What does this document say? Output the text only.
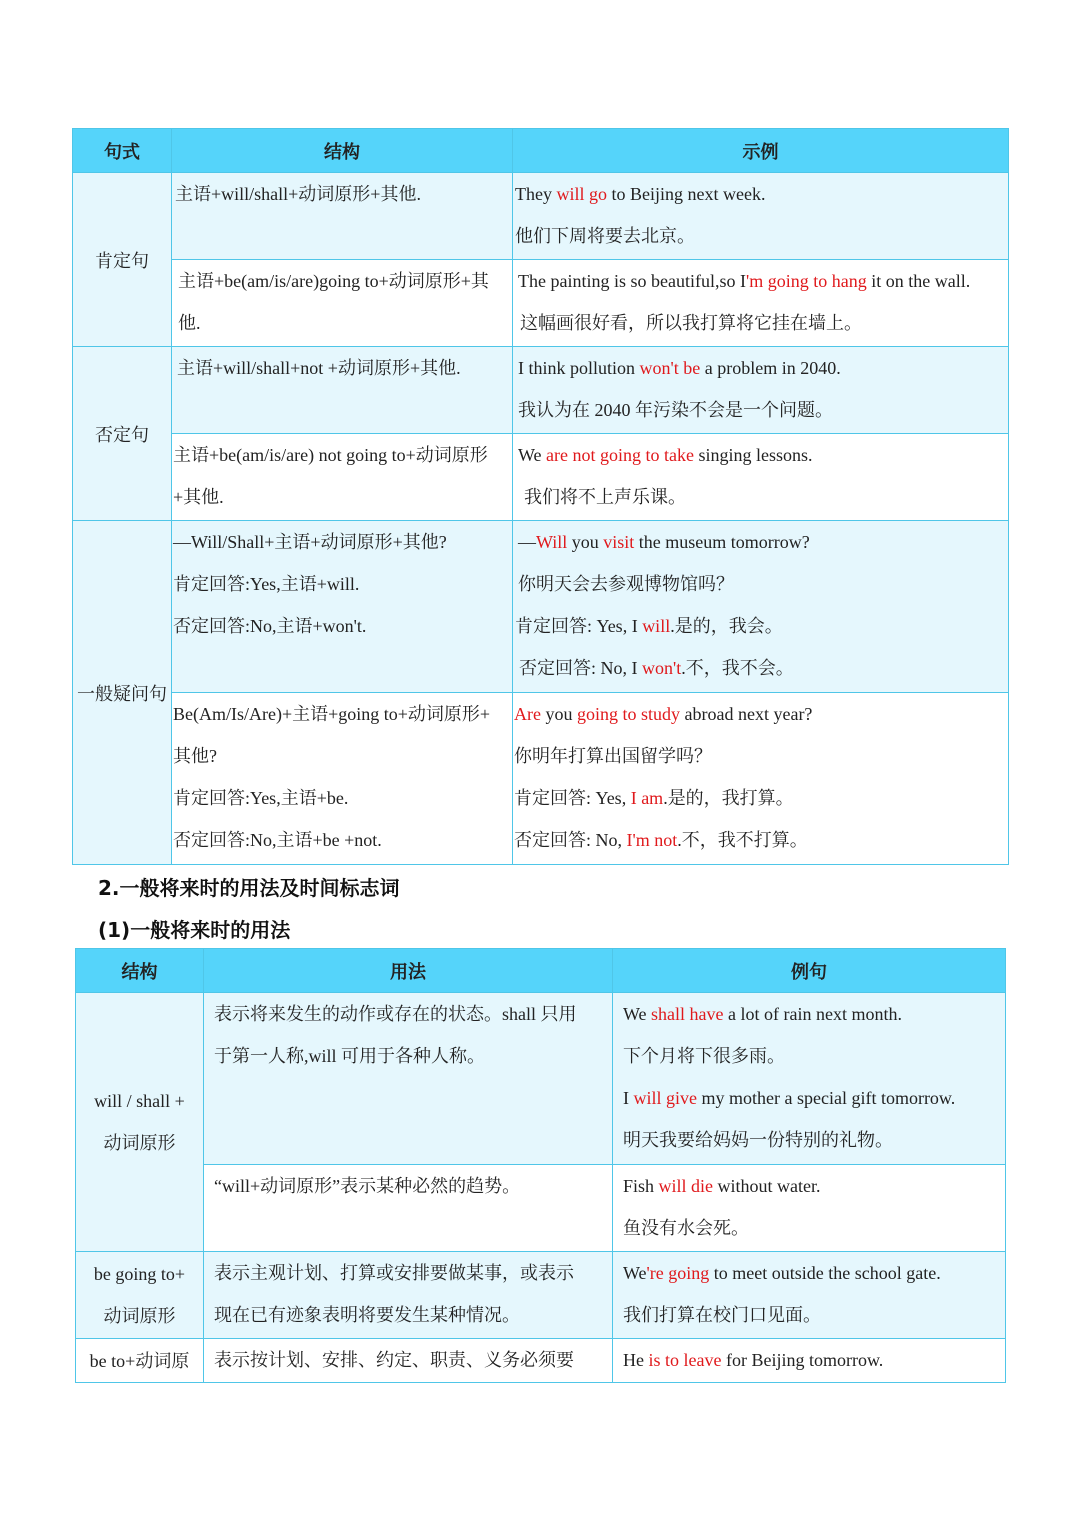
句式	结构	示例
肯定句	主语+will/shall+动词原形+其他.	They will go to Beijing next week.
他们下周将要去北京。

	主语+be(am/is/are)going to+动词原形+其
他.	The painting is so beautiful,so I'm going to hang it on the wall.
这幅画很好看，所以我打算将它挂在墙上。

否定句	主语+will/shall+not +动词原形+其他.	I think pollution won't be a problem in 2040.
我认为在 2040 年污染不会是一个问题。

	主语+be(am/is/are) not going to+动词原形
+其他.	We are not going to take singing lessons.
我们将不上声乐课。

一般疑问句	—Will/Shall+主语+动词原形+其他?
肯定回答:Yes,主语+will.
否定回答:No,主语+won't.	—Will you visit the museum tomorrow?
你明天会去参观博物馆吗？
肯定回答: Yes, I will.是的，我会。
否定回答: No, I won't.不，我不会。

	Be(Am/Is/Are)+主语+going to+动词原形+
其他?
肯定回答:Yes,主语+be.
否定回答:No,主语+be +not.	Are you going to study abroad next year?
你明年打算出国留学吗？
肯定回答: Yes, I am.是的，我打算。
否定回答: No, I'm not.不，我不打算。
2.一般将来时的用法及时间标志词
(1)一般将来时的用法
结构	用法	例句

will / shall +
动词原形	表示将来发生的动作或存在的状态。shall 只用
于第一人称,will 可用于各种人称。	We shall have a lot of rain next month.
下个月将下很多雨。
I will give my mother a special gift tomorrow.
明天我要给妈妈一份特别的礼物。

	“will+动词原形”表示某种必然的趋势。	Fish will die without water.
鱼没有水会死。

be going to+
动词原形	表示主观计划、打算或安排要做某事，或表示
现在已有迹象表明将要发生某种情况。	We're going to meet outside the school gate.
我们打算在校门口见面。

be to+动词原	表示按计划、安排、约定、职责、义务必须要	He is to leave for Beijing tomorrow.
